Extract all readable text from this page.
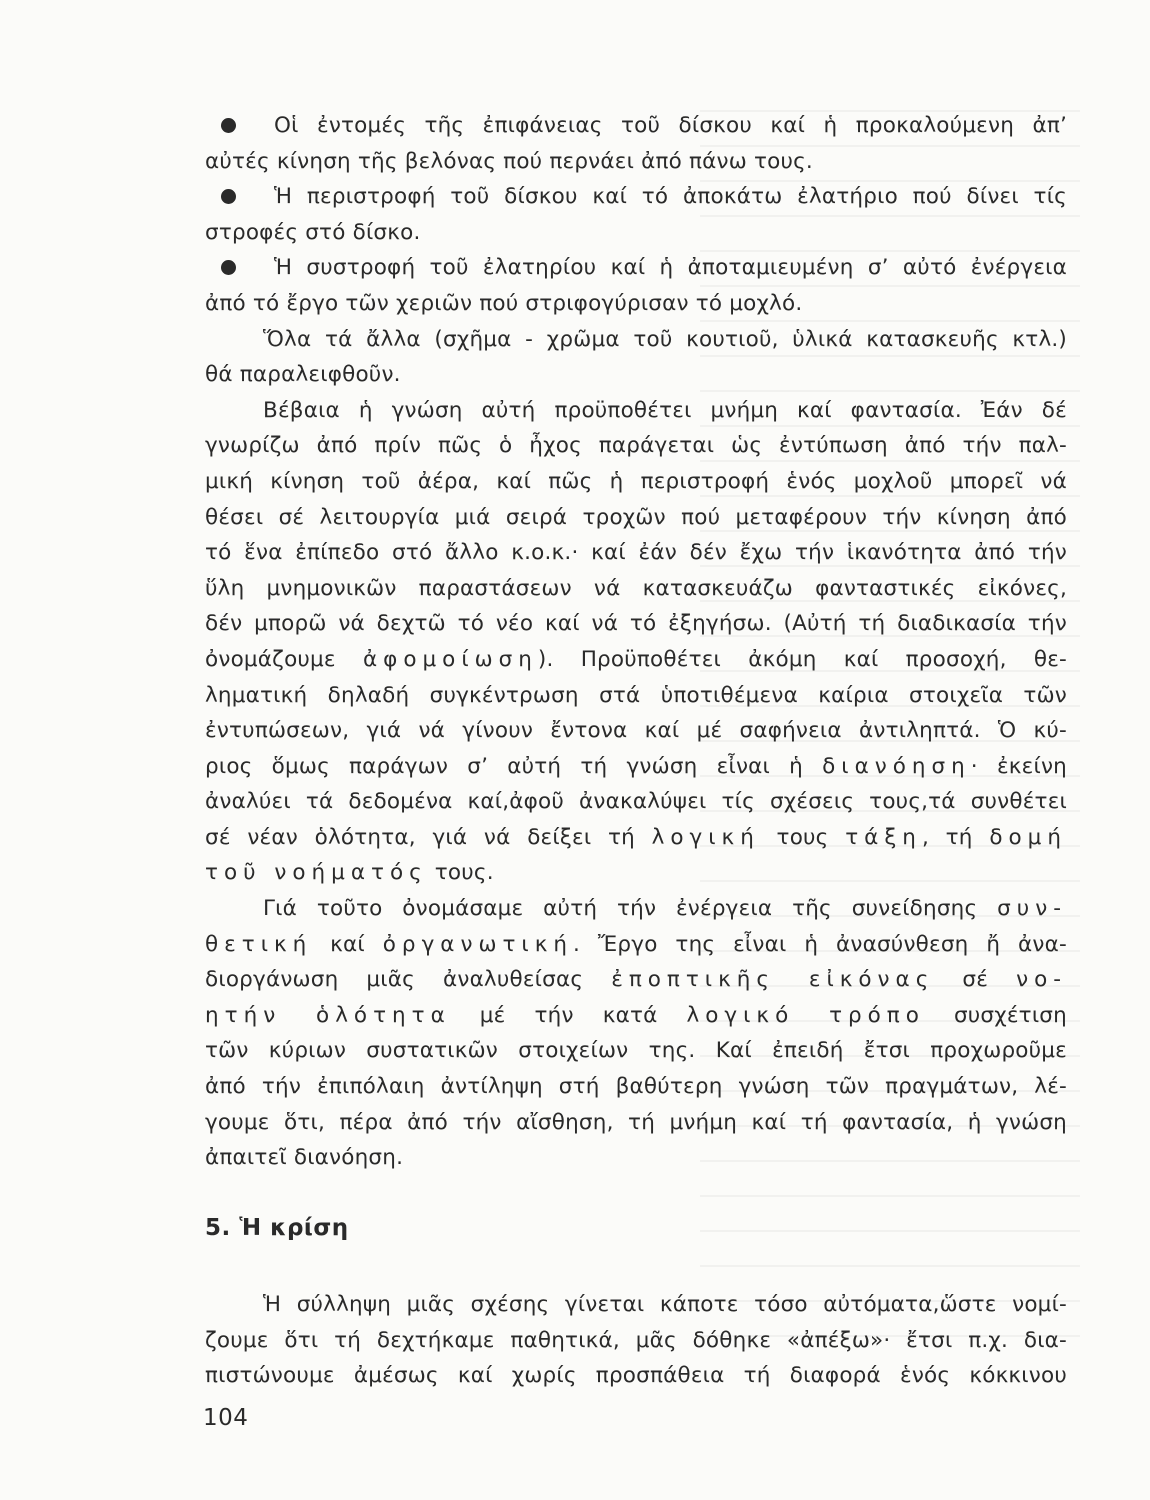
Οἱ ἐντομές τῆς ἐπιφάνειας τοῦ δίσκου καί ἡ προκαλούμενη ἀπ’
αὐτές κίνηση τῆς βελόνας πού περνάει ἀπό πάνω τους.
Ἡ περιστροφή τοῦ δίσκου καί τό ἀποκάτω ἐλατήριο πού δίνει τίς
στροφές στό δίσκο.
Ἡ συστροφή τοῦ ἐλατηρίου καί ἡ ἀποταμιευμένη σ’ αὐτό ἐνέργεια
ἀπό τό ἔργο τῶν χεριῶν πού στριφογύρισαν τό μοχλό.
Ὅλα τά ἄλλα (σχῆμα - χρῶμα τοῦ κουτιοῦ, ὑλικά κατασκευῆς κτλ.)
θά παραλειφθοῦν.
Βέβαια ἡ γνώση αὐτή προϋποθέτει μνήμη καί φαντασία. Ἐάν δέ
γνωρίζω ἀπό πρίν πῶς ὁ ἦχος παράγεται ὡς ἐντύπωση ἀπό τήν παλ-
μική κίνηση τοῦ ἀέρα, καί πῶς ἡ περιστροφή ἑνός μοχλοῦ μπορεῖ νά
θέσει σέ λειτουργία μιά σειρά τροχῶν πού μεταφέρουν τήν κίνηση ἀπό
τό ἕνα ἐπίπεδο στό ἄλλο κ.ο.κ.· καί ἐάν δέν ἔχω τήν ἱκανότητα ἀπό τήν
ὕλη μνημονικῶν παραστάσεων νά κατασκευάζω φανταστικές εἰκόνες,
δέν μπορῶ νά δεχτῶ τό νέο καί νά τό ἐξηγήσω. (Αὐτή τή διαδικασία τήν
ὀνομάζουμε ἀφομοίωση). Προϋποθέτει ἀκόμη καί προσοχή, θε-
ληματική δηλαδή συγκέντρωση στά ὑποτιθέμενα καίρια στοιχεῖα τῶν
ἐντυπώσεων, γιά νά γίνουν ἔντονα καί μέ σαφήνεια ἀντιληπτά. Ὁ κύ-
ριος ὅμως παράγων σ’ αὐτή τή γνώση εἶναι ἡ διανόηση· ἐκείνη
ἀναλύει τά δεδομένα καί,ἀφοῦ ἀνακαλύψει τίς σχέσεις τους,τά συνθέτει
σέ νέαν ὁλότητα, γιά νά δείξει τή λογική τους τάξη, τή δομή
τοῦ νοήματός τους.
Γιά τοῦτο ὀνομάσαμε αὐτή τήν ἐνέργεια τῆς συνείδησης συν-
θετική καί ὀργανωτική. Ἔργο της εἶναι ἡ ἀνασύνθεση ἤ ἀνα-
διοργάνωση μιᾶς ἀναλυθείσας ἐποπτικῆς εἰκόνας σέ νο-
ητήν ὁλότητα μέ τήν κατά λογικό τρόπο συσχέτιση
τῶν κύριων συστατικῶν στοιχείων της. Καί ἐπειδή ἔτσι προχωροῦμε
ἀπό τήν ἐπιπόλαιη ἀντίληψη στή βαθύτερη γνώση τῶν πραγμάτων, λέ-
γουμε ὅτι, πέρα ἀπό τήν αἴσθηση, τή μνήμη καί τή φαντασία, ἡ γνώση
ἀπαιτεῖ διανόηση.
5. Ἡ κρίση
Ἡ σύλληψη μιᾶς σχέσης γίνεται κάποτε τόσο αὐτόματα,ὥστε νομί-
ζουμε ὅτι τή δεχτήκαμε παθητικά, μᾶς δόθηκε «ἀπέξω»· ἔτσι π.χ. δια-
πιστώνουμε ἀμέσως καί χωρίς προσπάθεια τή διαφορά ἑνός κόκκινου
104
